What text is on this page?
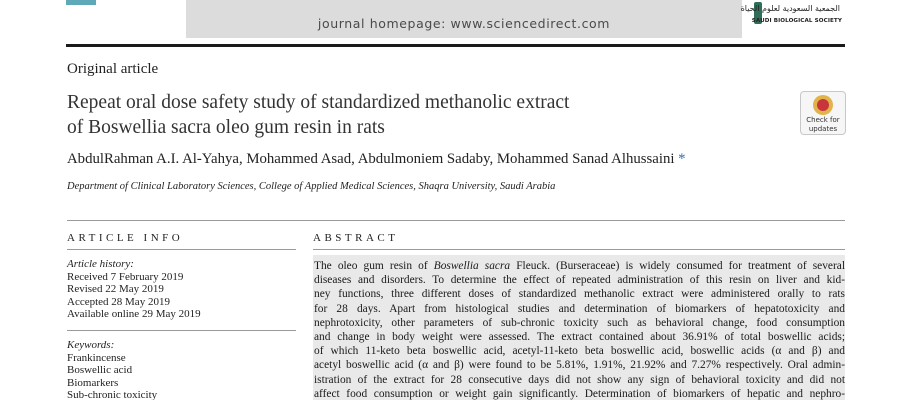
journal homepage: www.sciencedirect.com
الجمعية السعودية لعلوم الحياة
SAUDI BIOLOGICAL SOCIETY
Original article
Repeat oral dose safety study of standardized methanolic extract
of Boswellia sacra oleo gum resin in rats	Check for
updates
AbdulRahman A.I. Al-Yahya, Mohammed Asad, Abdulmoniem Sadaby, Mohammed Sanad Alhussaini *
Department of Clinical Laboratory Sciences, College of Applied Medical Sciences, Shaqra University, Saudi Arabia
ARTICLE INFO	ABSTRACT
Article history:
Received 7 February 2019
Revised 22 May 2019
Accepted 28 May 2019
Available online 29 May 2019
Keywords:
Frankincense
Boswellic acid
Biomarkers
Sub-chronic toxicity
The oleo gum resin of Boswellia sacra Fleuck. (Burseraceae) is widely consumed for treatment of several
diseases and disorders. To determine the effect of repeated administration of this resin on liver and kid-
ney functions, three different doses of standardized methanolic extract were administered orally to rats
for 28 days. Apart from histological studies and determination of biomarkers of hepatotoxicity and
nephrotoxicity, other parameters of sub-chronic toxicity such as behavioral change, food consumption
and change in body weight were assessed. The extract contained about 36.91% of total boswellic acids;
of which 11-keto beta boswellic acid, acetyl-11-keto beta boswellic acid, boswellic acids (α and β) and
acetyl boswellic acid (α and β) were found to be 5.81%, 1.91%, 21.92% and 7.27% respectively. Oral admin-
istration of the extract for 28 consecutive days did not show any sign of behavioral toxicity and did not
affect food consumption or weight gain significantly. Determination of biomarkers of hepatic and nephro-
